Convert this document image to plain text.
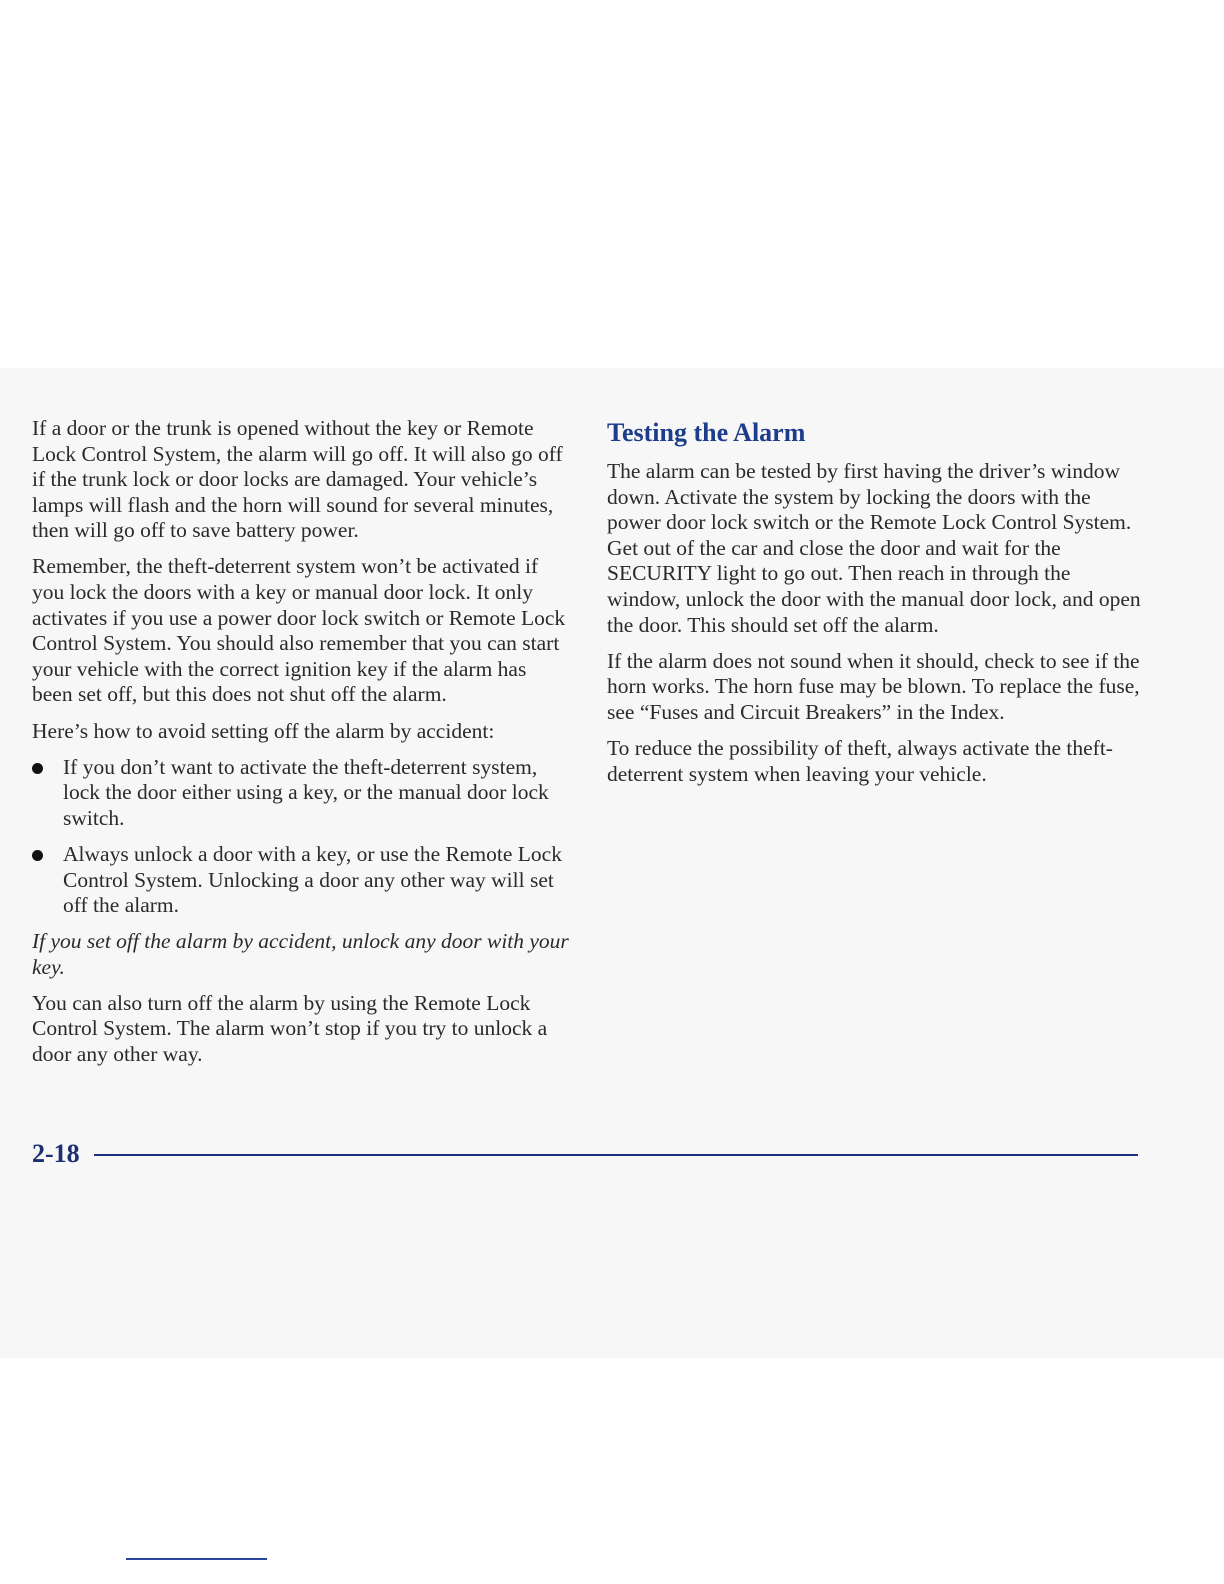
If a door or the trunk is opened without the key or Remote Lock Control System, the alarm will go off. It will also go off if the trunk lock or door locks are damaged. Your vehicle’s lamps will flash and the horn will sound for several minutes, then will go off to save battery power.

Remember, the theft-deterrent system won’t be activated if you lock the doors with a key or manual door lock. It only activates if you use a power door lock switch or Remote Lock Control System. You should also remember that you can start your vehicle with the correct ignition key if the alarm has been set off, but this does not shut off the alarm.

Here’s how to avoid setting off the alarm by accident:

If you don’t want to activate the theft-deterrent system, lock the door either using a key, or the manual door lock switch.
Always unlock a door with a key, or use the Remote Lock Control System. Unlocking a door any other way will set off the alarm.

If you set off the alarm by accident, unlock any door with your key.

You can also turn off the alarm by using the Remote Lock Control System. The alarm won’t stop if you try to unlock a door any other way.

Testing the Alarm

The alarm can be tested by first having the driver’s window down. Activate the system by locking the doors with the power door lock switch or the Remote Lock Control System. Get out of the car and close the door and wait for the SECURITY light to go out. Then reach in through the window, unlock the door with the manual door lock, and open the door. This should set off the alarm.

If the alarm does not sound when it should, check to see if the horn works. The horn fuse may be blown. To replace the fuse, see “Fuses and Circuit Breakers” in the Index.

To reduce the possibility of theft, always activate the theft-deterrent system when leaving your vehicle.

2-18
